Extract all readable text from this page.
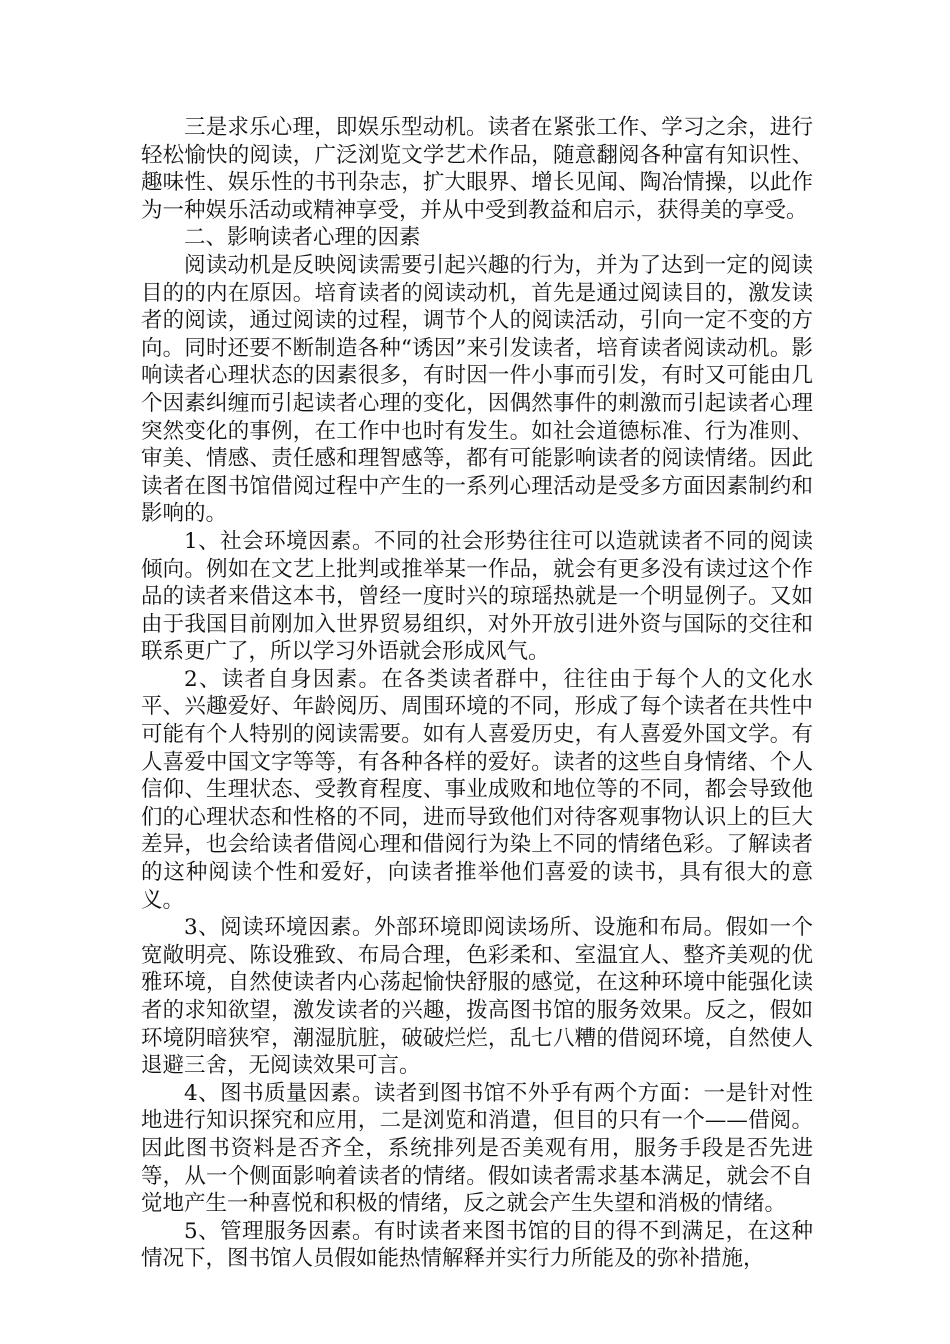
三是求乐心理，即娱乐型动机。读者在紧张工作、学习之余，进行轻松愉快的阅读，广泛浏览文学艺术作品，随意翻阅各种富有知识性、趣味性、娱乐性的书刊杂志，扩大眼界、增长见闻、陶冶情操，以此作为一种娱乐活动或精神享受，并从中受到教益和启示，获得美的享受。

二、影响读者心理的因素

阅读动机是反映阅读需要引起兴趣的行为，并为了达到一定的阅读目的的内在原因。培育读者的阅读动机，首先是通过阅读目的，激发读者的阅读，通过阅读的过程，调节个人的阅读活动，引向一定不变的方向。同时还要不断制造各种“诱因”来引发读者，培育读者阅读动机。影响读者心理状态的因素很多，有时因一件小事而引发，有时又可能由几个因素纠缠而引起读者心理的变化，因偶然事件的刺激而引起读者心理突然变化的事例，在工作中也时有发生。如社会道德标准、行为准则、审美、情感、责任感和理智感等，都有可能影响读者的阅读情绪。因此读者在图书馆借阅过程中产生的一系列心理活动是受多方面因素制约和影响的。

1、社会环境因素。不同的社会形势往往可以造就读者不同的阅读倾向。例如在文艺上批判或推举某一作品，就会有更多没有读过这个作品的读者来借这本书，曾经一度时兴的琼瑶热就是一个明显例子。又如由于我国目前刚加入世界贸易组织，对外开放引进外资与国际的交往和联系更广了，所以学习外语就会形成风气。

2、读者自身因素。在各类读者群中，往往由于每个人的文化水平、兴趣爱好、年龄阅历、周围环境的不同，形成了每个读者在共性中可能有个人特别的阅读需要。如有人喜爱历史，有人喜爱外国文学。有人喜爱中国文字等等，有各种各样的爱好。读者的这些自身情绪、个人信仰、生理状态、受教育程度、事业成败和地位等的不同，都会导致他们的心理状态和性格的不同，进而导致他们对待客观事物认识上的巨大差异，也会给读者借阅心理和借阅行为染上不同的情绪色彩。了解读者的这种阅读个性和爱好，向读者推举他们喜爱的读书，具有很大的意义。

3、阅读环境因素。外部环境即阅读场所、设施和布局。假如一个宽敞明亮、陈设雅致、布局合理，色彩柔和、室温宜人、整齐美观的优雅环境，自然使读者内心荡起愉快舒服的感觉，在这种环境中能强化读者的求知欲望，激发读者的兴趣，拨高图书馆的服务效果。反之，假如环境阴暗狭窄，潮湿肮脏，破破烂烂，乱七八糟的借阅环境，自然使人退避三舍，无阅读效果可言。

4、图书质量因素。读者到图书馆不外乎有两个方面：一是针对性地进行知识探究和应用，二是浏览和消遣，但目的只有一个——借阅。因此图书资料是否齐全，系统排列是否美观有用，服务手段是否先进等，从一个侧面影响着读者的情绪。假如读者需求基本满足，就会不自觉地产生一种喜悦和积极的情绪，反之就会产生失望和消极的情绪。

5、管理服务因素。有时读者来图书馆的目的得不到满足，在这种情况下，图书馆人员假如能热情解释并实行力所能及的弥补措施，
